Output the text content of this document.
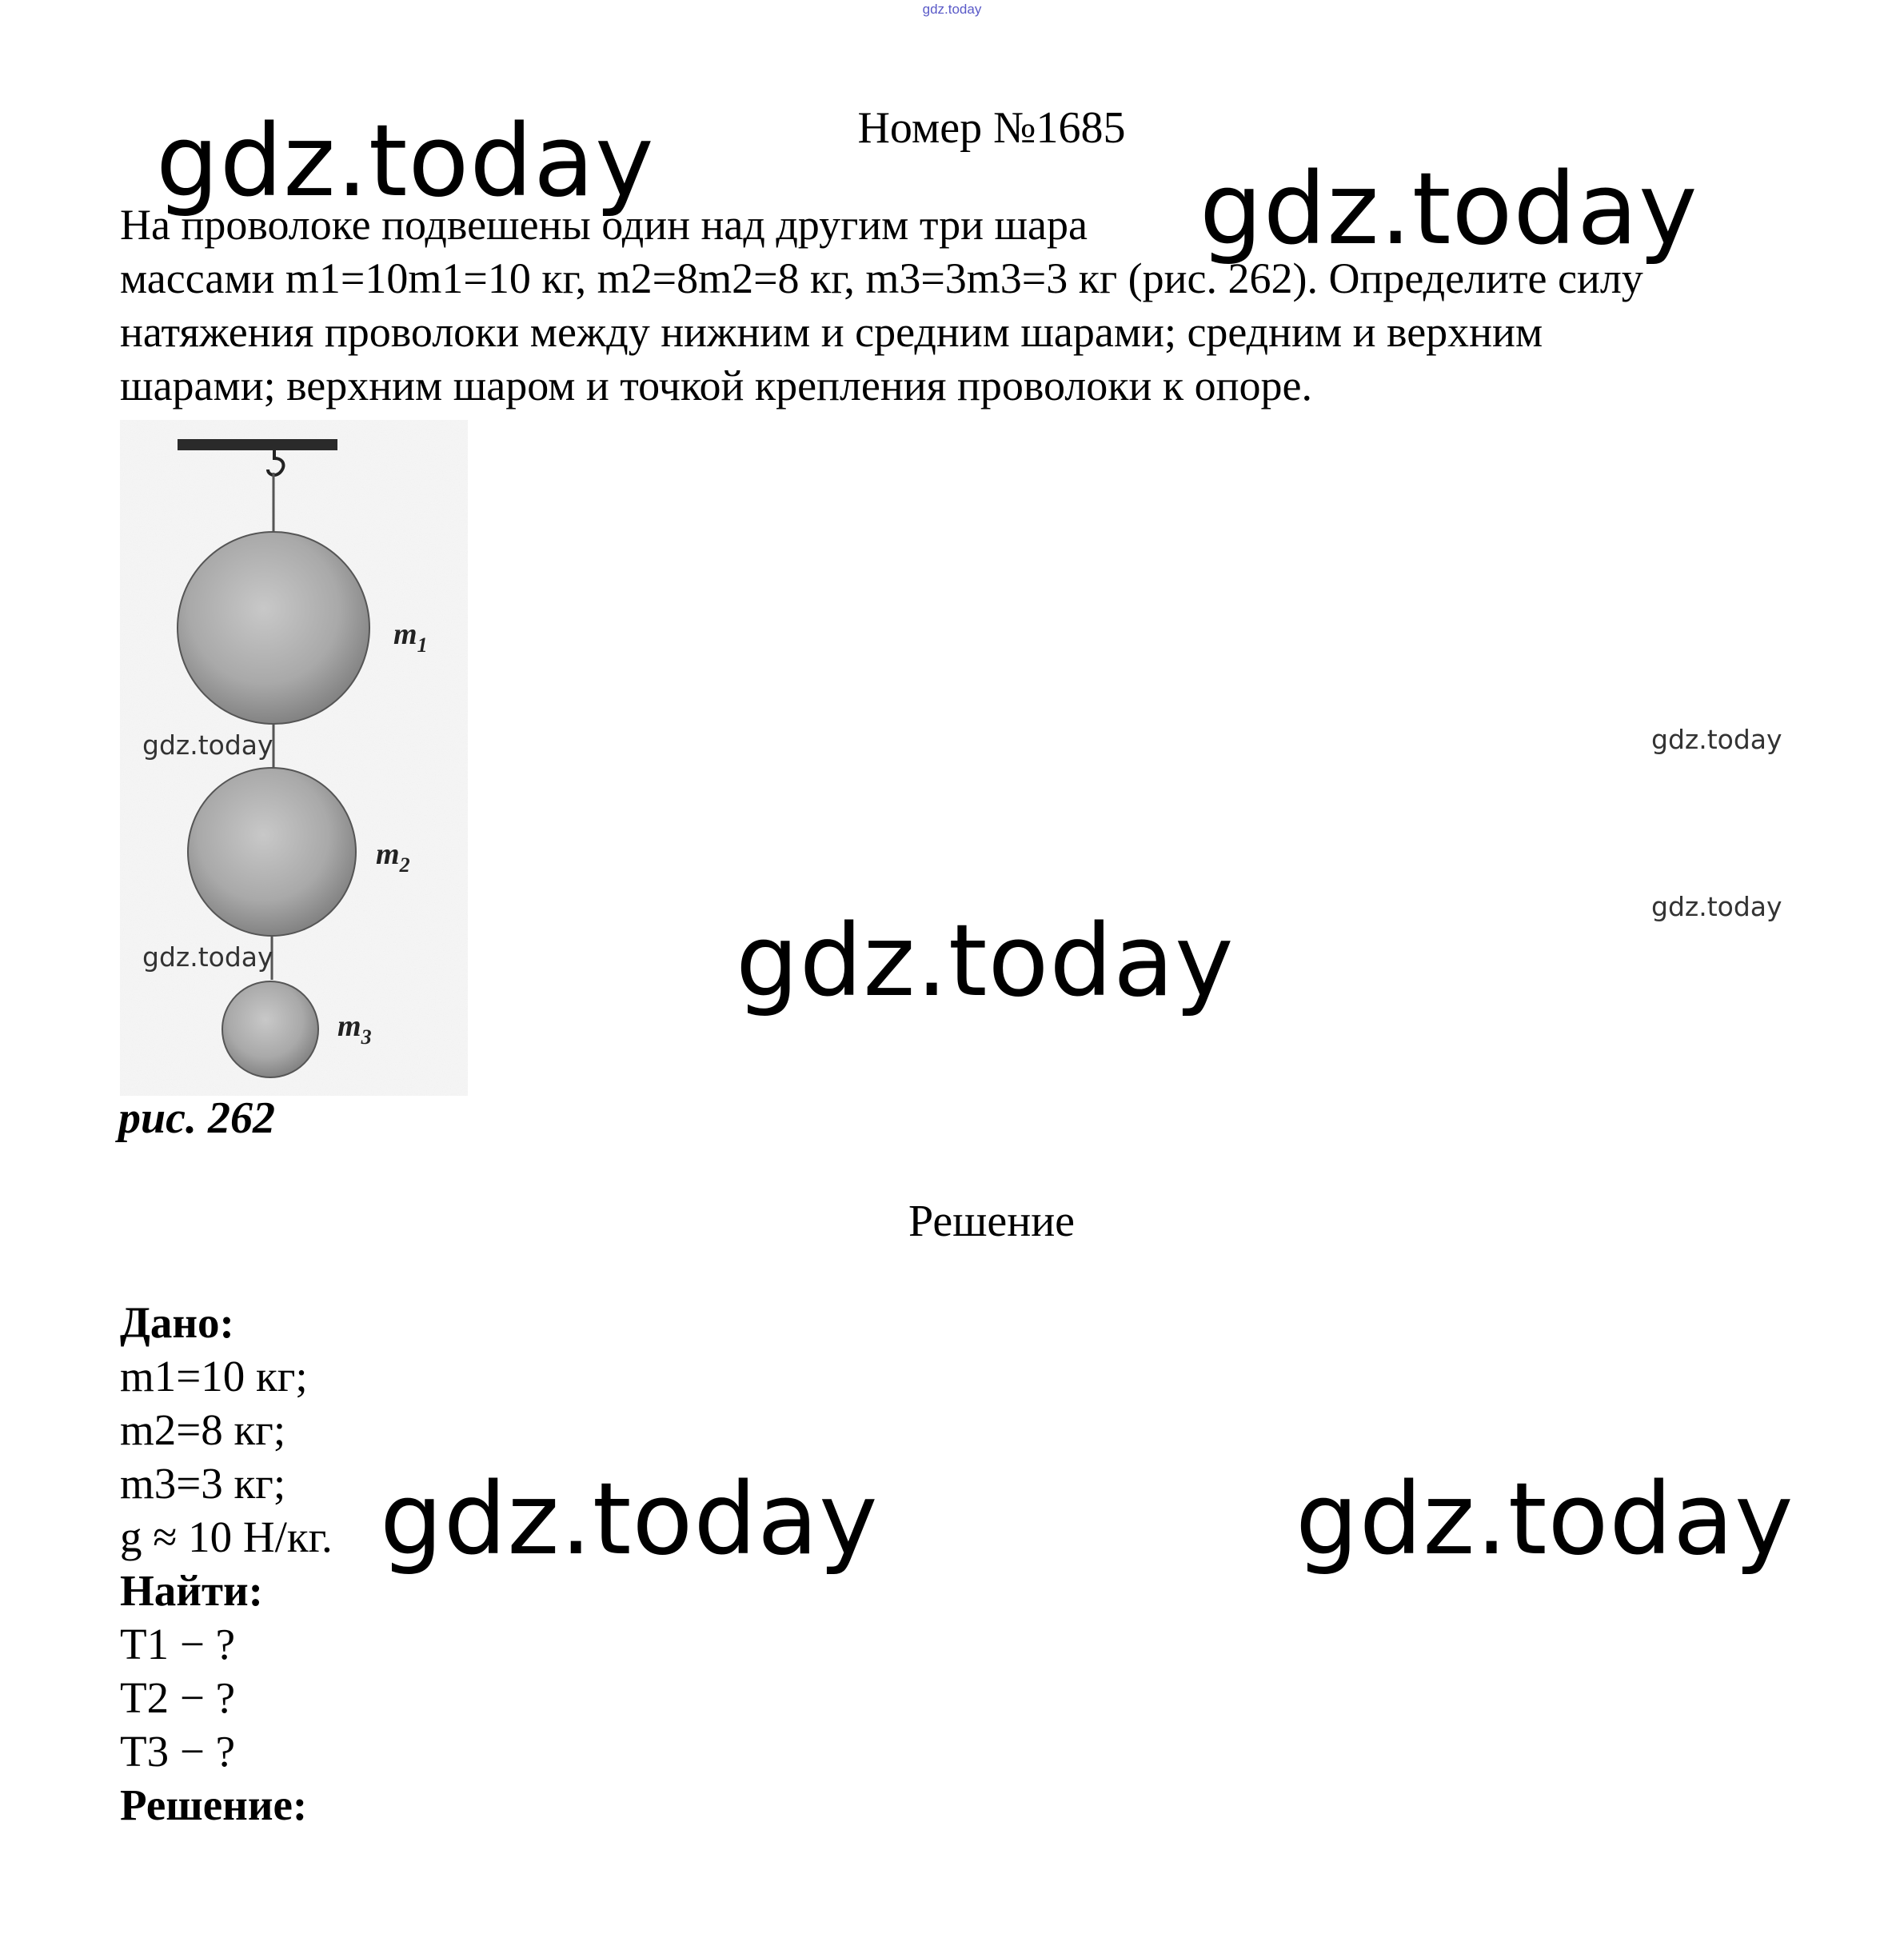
gdz.today
Номер №1685

На проволоке подвешены один над другим три шара

массами m1=10m1=10 кг, m2=8m2=8 кг, m3=3m3=3 кг (рис. 262). Определите силу

натяжения проволоки между нижним и средним шарами; средним и верхним

шарами; верхним шаром и точкой крепления проволоки к опоре.

$m_1$
$m_2$
$m_3$
рис. 262
Решение
Дано:
m1=10 кг;
m2=8 кг;
m3=3 кг;
g ≈ 10 Н/кг.
Найти:
T1 − ?
T2 − ?
T3 − ?
Решение:
gdz.today	gdz.today
gdz.today
gdz.today	gdz.today
gdz.today
gdz.today
gdz.today
gdz.today
